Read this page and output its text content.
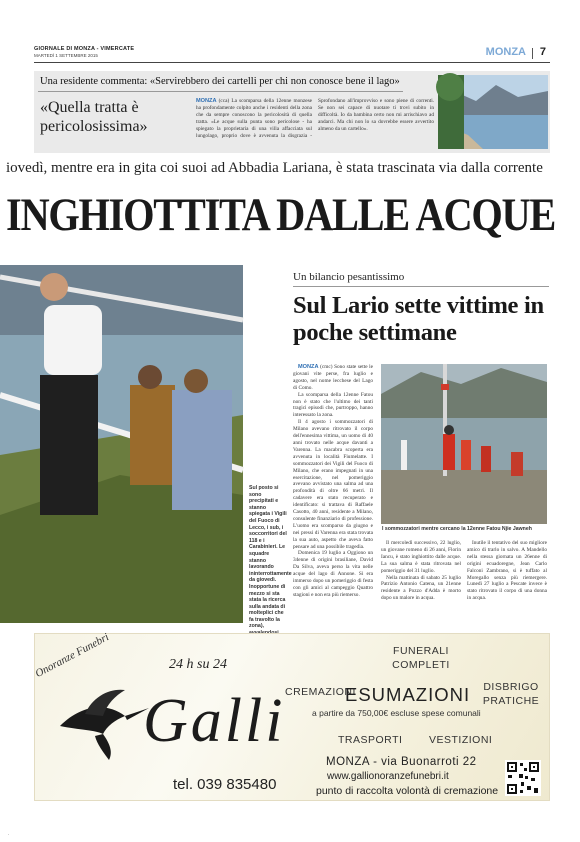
GIORNALE DI MONZA - VIMERCATE
MARTEDÌ 1 SETTEMBRE 2015	MONZA 7
Una residente commenta: «Servirebbero dei cartelli per chi non conosce bene il lago»
«Quella tratta è pericolosissima»
MONZA (cca) La scomparsa della 12enne monzese ha profondamente colpito anche i residenti della zona che da sempre conoscono la pericolosità di quella tratta. «Le acque sulla punta sono pericolose - ha spiegato la proprietaria di una villa affacciata sul lungolago, proprio dove è avvenuta la disgrazia - Sprofondano all'improvviso e sono piene di correnti. Se non sei capace di nuotare ti trovi subito in difficoltà. Io da bambina certo non mi arrischiavo ad andarci. Ma chi non lo sa dovrebbe essere avvertito almeno da un cartello».
iovedì, mentre era in gita coi suoi ad Abbadia Lariana, è stata trascinata via dalla corrente
INGHIOTTITA DALLE ACQUE
Sul posto si sono precipitati e stanno spiegata i Vigili del Fuoco di Lecco, i sub, i soccorritori del 118 e i Carabinieri. Le squadre stanno lavorando ininterrottamente da giovedì. Inopportune di mezzo si sta stata la ricerca sulla andata di molteplici che fa travolto la zona),
Un bilancio pesantissimo
Sul Lario sette vittime in poche settimane

MONZA (cmc) Sono state sette le giovani vite perse, fra luglio e agosto, nel nome lecchese del Lago di Como.

La scomparsa della 12enne Fatou non è stato che l'ultimo dei tanti tragici episodi che, purtroppo, hanno interessato la zona.

Il 4 agosto i sommozzatori di Milano avevano ritrovato il corpo dell'ennesima vittima, un uomo di 40 anni trovato nelle acque davanti a Varenna. La macabra scoperta era avvenuta in località Fiumelatte. I sommozzatori dei Vigili del Fuoco di Milano, che erano impegnati in una esercitazione, nel pomeriggio avevano avvistato una salma ad una profondità di oltre 66 metri. Il cadavere era stato recuperato e identificato: si trattava di Raffaele Casotto, 40 anni, residente a Milano, consulente finanziario di professione. L'uomo era scomparso da giugno e nei pressi di Varenna era stata trovata la sua auto, aspetto che aveva fatto pensare ad una possibile tragedia.

Domenica 19 luglio a Oggiono un 34enne di origini brasiliane, David Da Silva, aveva perso la vita nelle acque del lago di Annone. Si era immerso dopo un pomeriggio di festa con gli amici al campeggio Quattro stagioni e non era più riemerso.

I sommozzatori mentre cercano la 12enne Fatou Njie Jawneh

Il mercoledì successivo, 22 luglio, un giovane romeno di 26 anni, Florin Iancu, è stato inghiottito dalle acque. La sua salma è stata ritrovata nel pomeriggio del 31 luglio.

Nella mattinata di sabato 25 luglio Patrizio Antonio Catena, un 21enne residente a Pozzo d'Adda è morto dopo un malore in acqua.

Inutile il tentativo del suo migliore amico di trarlo in salvo. A Mandello nella stessa giornata un 26enne di origini ecuadoregne, Jean Carlo Falconi Zambrano, si è tuffato al Moregallo senza più riemergere. Lunedì 27 luglio a Pescate invece è stato ritrovato il corpo di una donna in acqua.

Onoranze Funebri	24 h su 24
Galli
tel. 039 835480
CREMAZIONI
FUNERALI COMPLETI
DISBRIGO PRATICHE
TRASPORTI	VESTIZIONI
ESUMAZIONI
a partire da 750,00€ escluse spese comunali
MONZA - via Buonarroti 22
www.gallionoranzefunebri.it
punto di raccolta volontà di cremazione
.
